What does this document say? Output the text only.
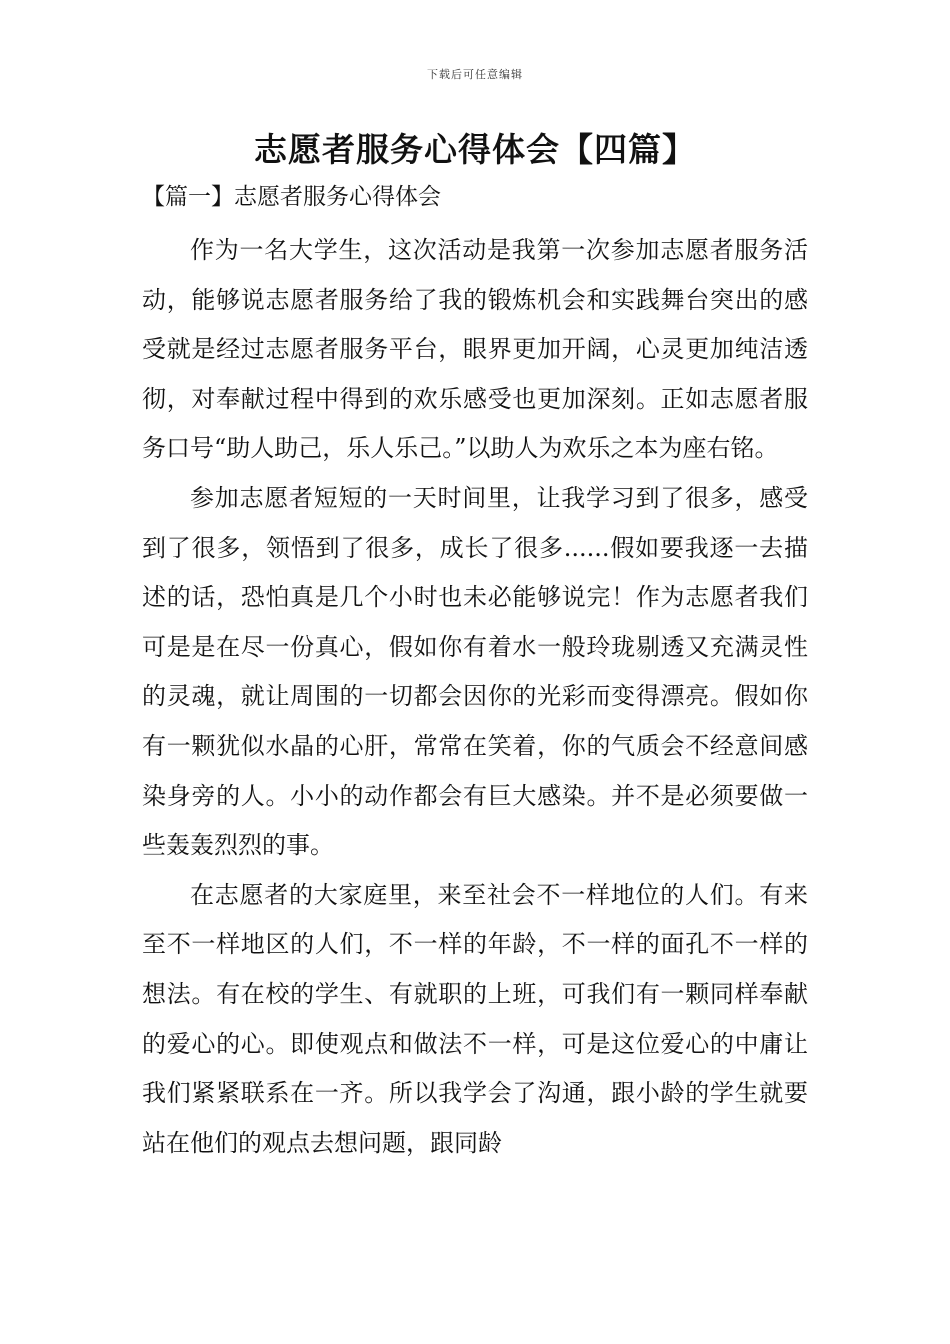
下载后可任意编辑
志愿者服务心得体会【四篇】
【篇一】志愿者服务心得体会

作为一名大学生，这次活动是我第一次参加志愿者服务活动，能够说志愿者服务给了我的锻炼机会和实践舞台突出的感受就是经过志愿者服务平台，眼界更加开阔，心灵更加纯洁透彻，对奉献过程中得到的欢乐感受也更加深刻。正如志愿者服务口号“助人助己，乐人乐己。”以助人为欢乐之本为座右铭。

参加志愿者短短的一天时间里，让我学习到了很多，感受到了很多，领悟到了很多，成长了很多......假如要我逐一去描述的话，恐怕真是几个小时也未必能够说完！作为志愿者我们可是是在尽一份真心，假如你有着水一般玲珑剔透又充满灵性的灵魂，就让周围的一切都会因你的光彩而变得漂亮。假如你有一颗犹似水晶的心肝，常常在笑着，你的气质会不经意间感染身旁的人。小小的动作都会有巨大感染。并不是必须要做一些轰轰烈烈的事。

在志愿者的大家庭里，来至社会不一样地位的人们。有来至不一样地区的人们，不一样的年龄，不一样的面孔不一样的想法。有在校的学生、有就职的上班，可我们有一颗同样奉献的爱心的心。即使观点和做法不一样，可是这位爱心的中庸让我们紧紧联系在一齐。所以我学会了沟通，跟小龄的学生就要站在他们的观点去想问题，跟同龄
